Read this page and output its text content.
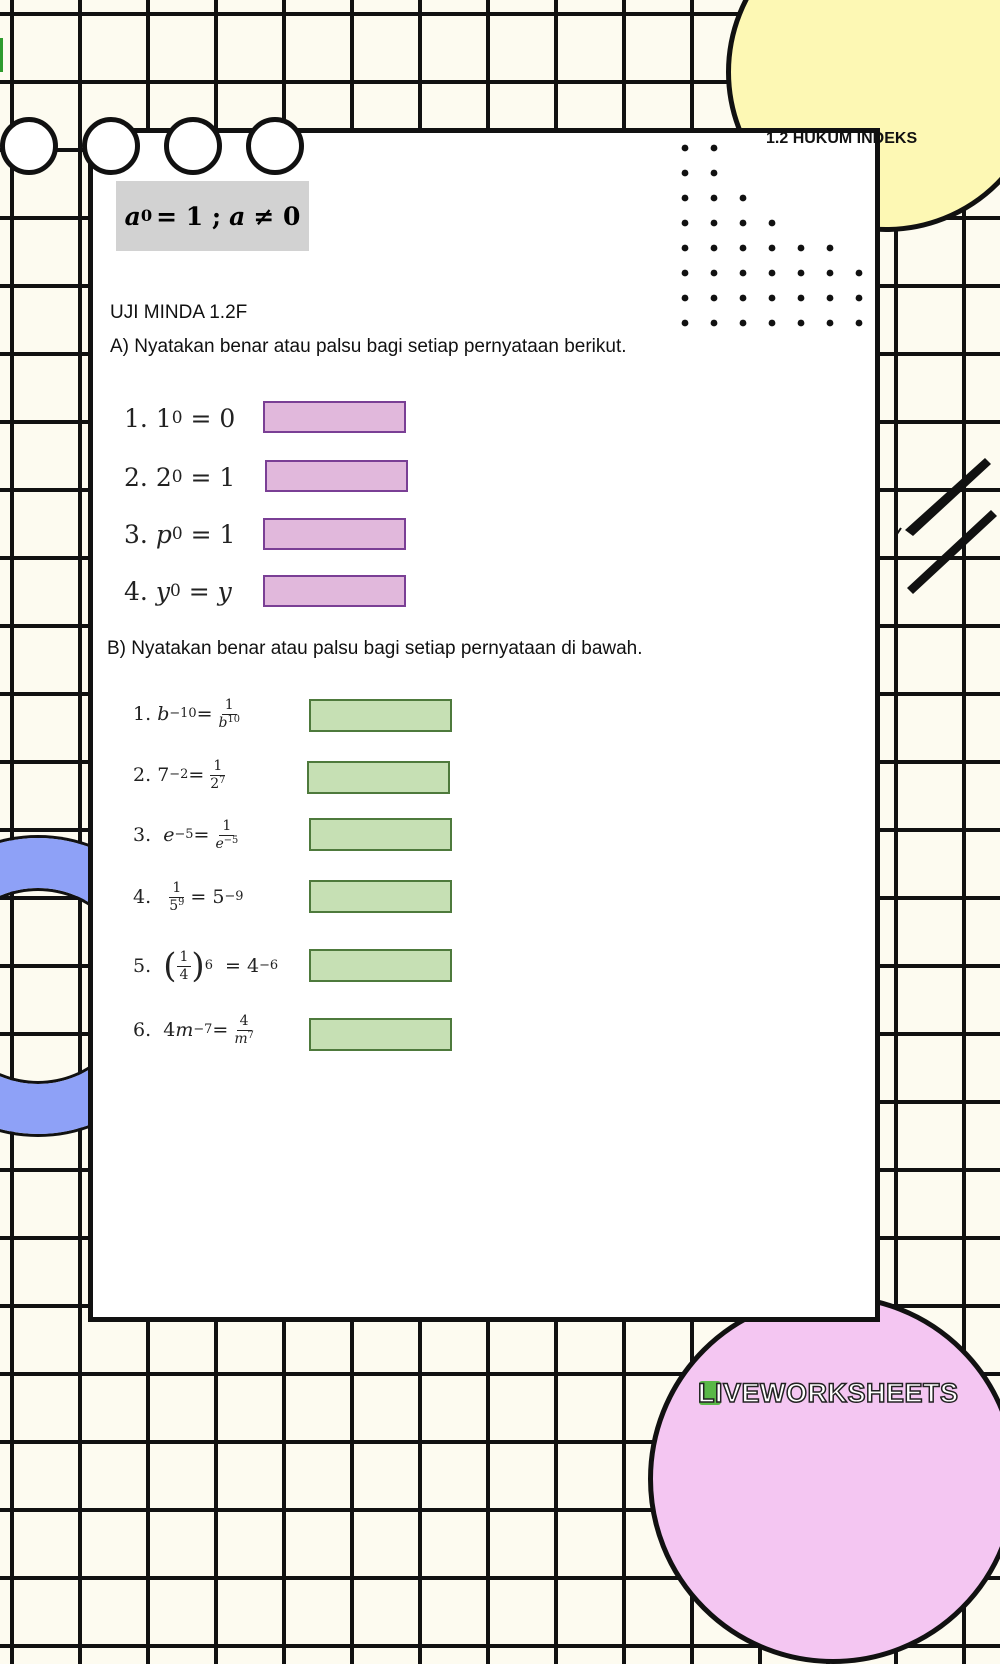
1.2 HUKUM INDEKS
a 0 = 1 ; a ≠ 0
UJI MINDA 1.2F
A) Nyatakan benar atau palsu bagi setiap pernyataan berikut.
1.
1 0
= 0
2.
2 0
= 1
3.
p 0
= 1
4.
y 0
= y
B) Nyatakan benar atau palsu bagi setiap pernyataan di bawah.
1.
$b -10 = \frac{1}{b^{10}}$
2.
$7 -2 = \frac{1}{2^7}$
3.
$e -5 = \frac{1}{e^{-5}}$
4.
$\frac{1}{5^9}$ =
5 −9
5.
( $\frac{1}{4}$ ) 6
=
4 −6
6.
4 $m -7 = \frac{4}{m^7}$
LIVEWORKSHEETS
